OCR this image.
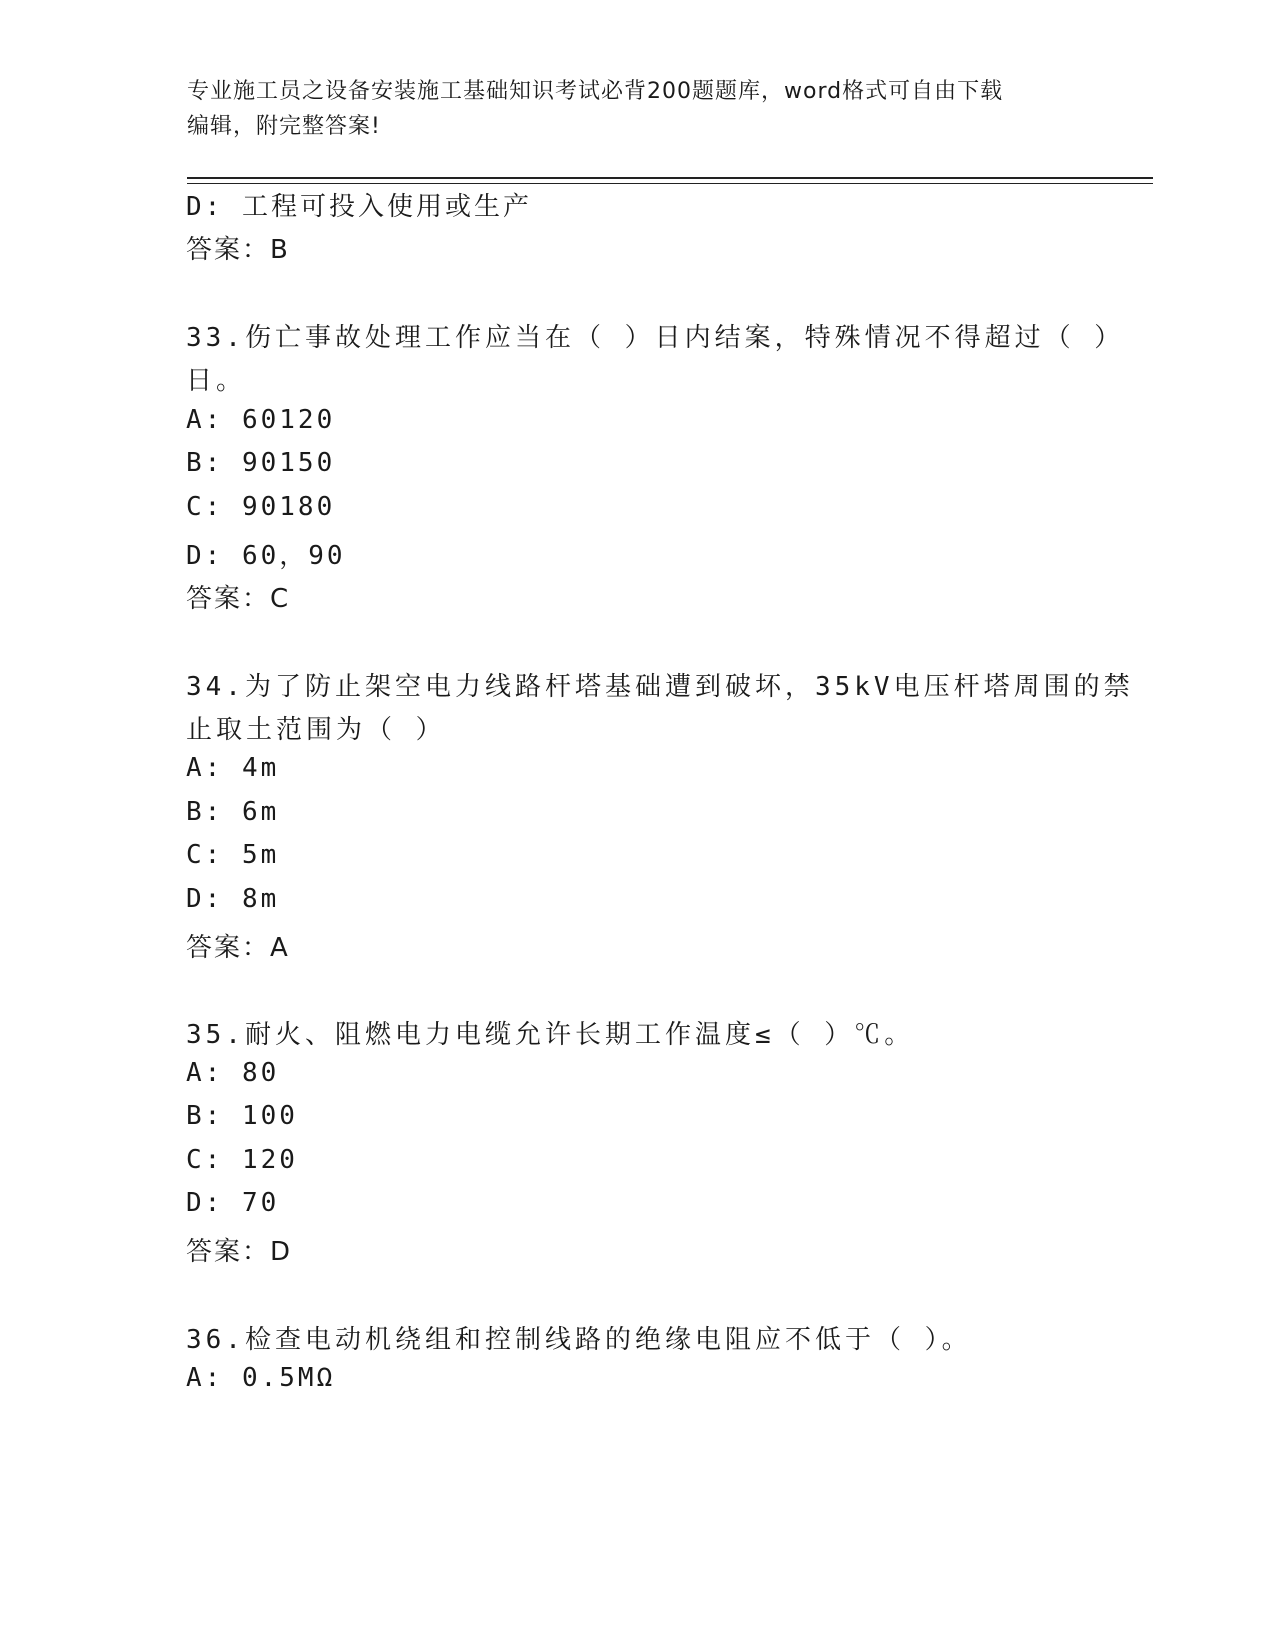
专业施工员之设备安装施工基础知识考试必背200题题库，word格式可自由下载
编辑，附完整答案!
D: 工程可投入使用或生产
答案：B
33.伤亡事故处理工作应当在（ ）日内结案，特殊情况不得超过（ ）
日。
A: 60120
B: 90150
C: 90180
D: 60，90
答案：C
34.为了防止架空电力线路杆塔基础遭到破坏，35kV电压杆塔周围的禁
止取土范围为（ ）
A: 4m
B: 6m
C: 5m
D: 8m
答案：A
35.耐火、阻燃电力电缆允许长期工作温度≤（ ）℃。
A: 80
B: 100
C: 120
D: 70
答案：D
36.检查电动机绕组和控制线路的绝缘电阻应不低于（ ）。
A: 0.5MΩ
